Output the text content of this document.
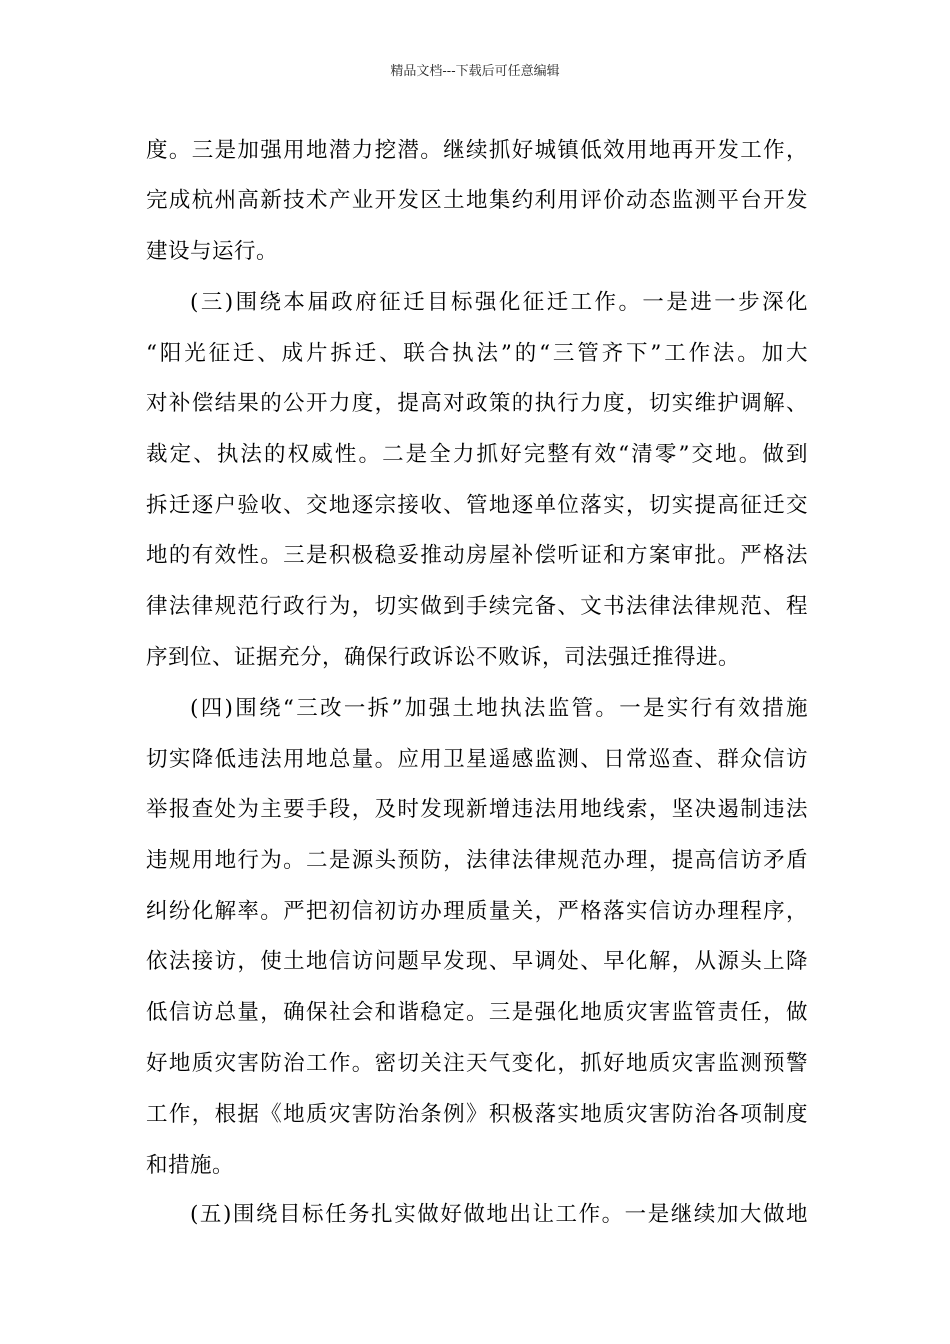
精品文档---下载后可任意编辑
度。三是加强用地潜力挖潜。继续抓好城镇低效用地再开发工作，
完成杭州高新技术产业开发区土地集约利用评价动态监测平台开发
建设与运行。
(三)围绕本届政府征迁目标强化征迁工作。一是进一步深化
“阳光征迁、成片拆迁、联合执法”的“三管齐下”工作法。加大
对补偿结果的公开力度，提高对政策的执行力度，切实维护调解、
裁定、执法的权威性。二是全力抓好完整有效“清零”交地。做到
拆迁逐户验收、交地逐宗接收、管地逐单位落实，切实提高征迁交
地的有效性。三是积极稳妥推动房屋补偿听证和方案审批。严格法
律法律规范行政行为，切实做到手续完备、文书法律法律规范、程
序到位、证据充分，确保行政诉讼不败诉，司法强迁推得进。
(四)围绕“三改一拆”加强土地执法监管。一是实行有效措施
切实降低违法用地总量。应用卫星遥感监测、日常巡查、群众信访
举报查处为主要手段，及时发现新增违法用地线索，坚决遏制违法
违规用地行为。二是源头预防，法律法律规范办理，提高信访矛盾
纠纷化解率。严把初信初访办理质量关，严格落实信访办理程序，
依法接访，使土地信访问题早发现、早调处、早化解，从源头上降
低信访总量，确保社会和谐稳定。三是强化地质灾害监管责任，做
好地质灾害防治工作。密切关注天气变化，抓好地质灾害监测预警
工作，根据《地质灾害防治条例》积极落实地质灾害防治各项制度
和措施。
(五)围绕目标任务扎实做好做地出让工作。一是继续加大做地
